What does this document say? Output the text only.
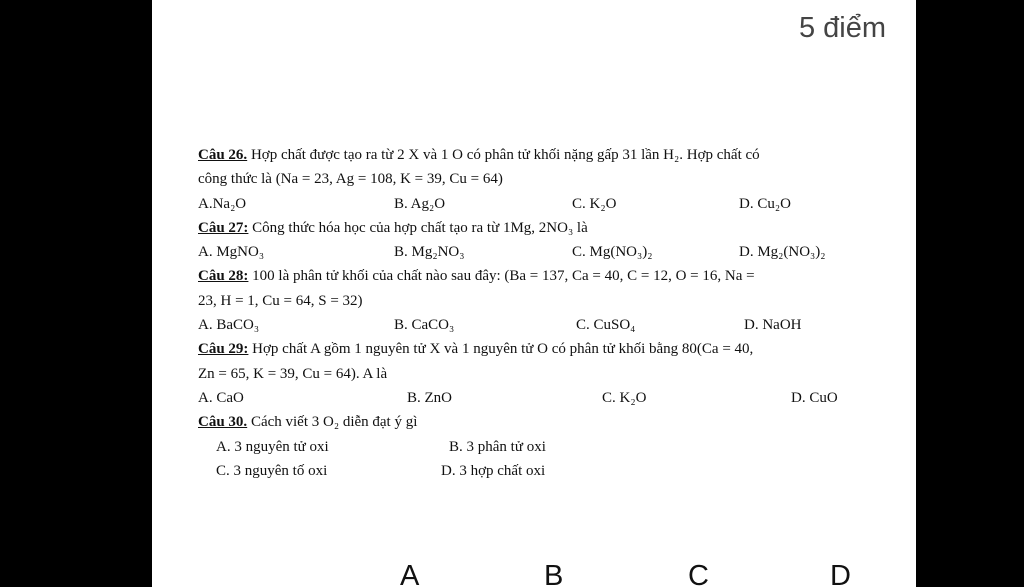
5 điểm
Câu 26. Hợp chất được tạo ra từ 2 X và 1 O có phân tử khối nặng gấp 31 lần H₂. Hợp chất có
công thức là (Na = 23, Ag = 108, K = 39, Cu = 64)
A.Na₂O	B. Ag₂O	C. K₂O	D. Cu₂O
Câu 27: Công thức hóa học của hợp chất tạo ra từ 1Mg, 2NO₃ là
A. MgNO₃	B. Mg₂NO₃	C. Mg(NO₃)₂	D. Mg₂(NO₃)₂
Câu 28: 100 là phân tử khối của chất nào sau đây: (Ba = 137, Ca = 40, C = 12, O = 16, Na =
23, H = 1, Cu = 64, S = 32)
A. BaCO₃	B. CaCO₃	C. CuSO₄	D. NaOH
Câu 29: Hợp chất A gồm 1 nguyên tử X và 1 nguyên tử O có phân tử khối bằng 80(Ca = 40,
Zn = 65, K = 39, Cu = 64). A là
A. CaO	B. ZnO	C. K₂O	D. CuO
Câu 30. Cách viết 3 O₂ diễn đạt ý gì
A. 3 nguyên tử oxi	B. 3 phân tử oxi
C. 3 nguyên tố oxi	D. 3 hợp chất oxi
A	B	C	D
